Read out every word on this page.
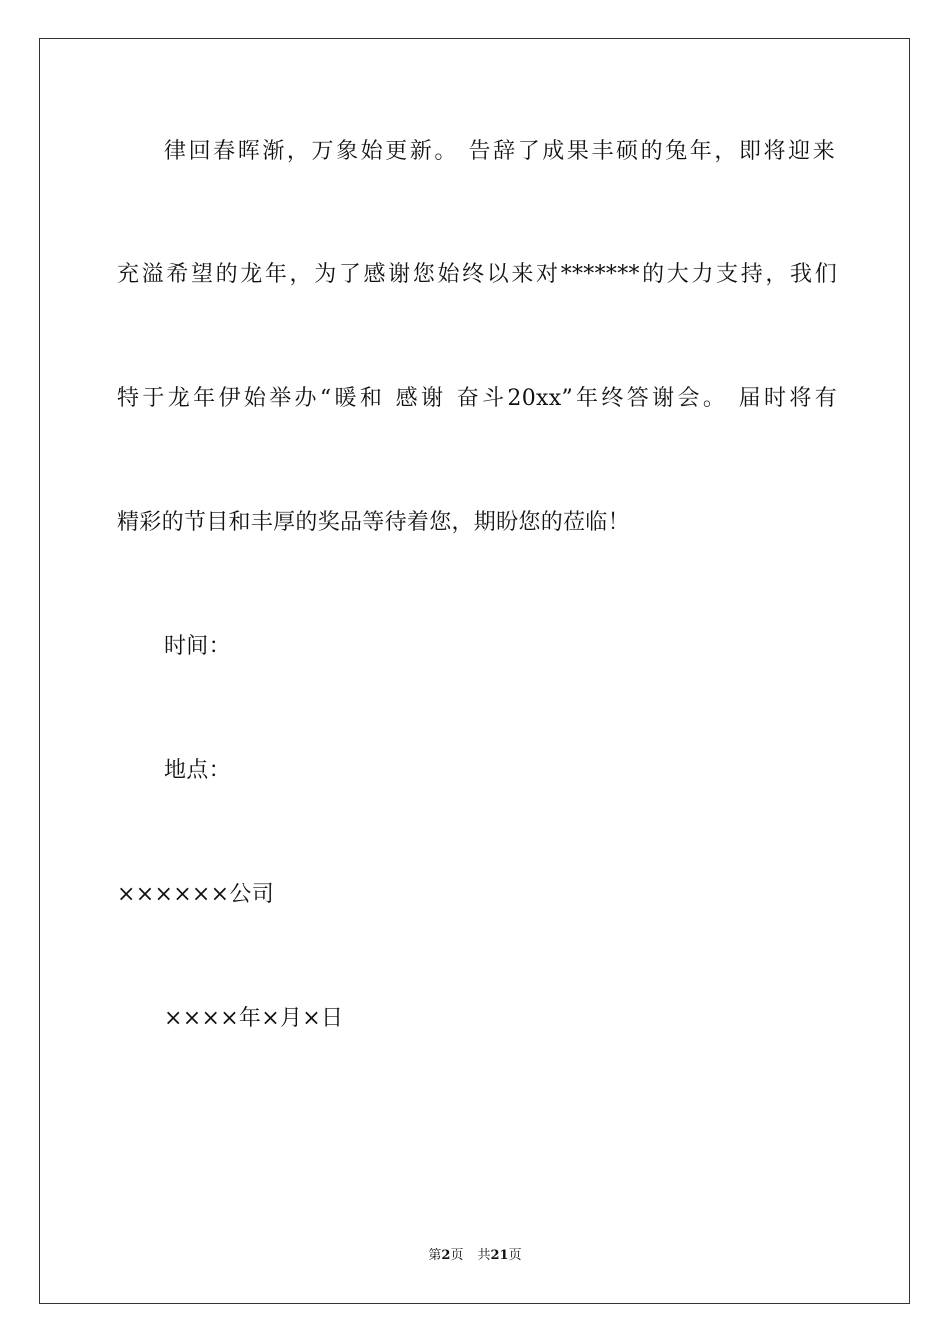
律回春晖渐，万象始更新。 告辞了成果丰硕的兔年，即将迎来
充溢希望的龙年，为了感谢您始终以来对*******的大力支持，我们
特于龙年伊始举办“暖和 感谢 奋斗20xx”年终答谢会。 届时将有
精彩的节目和丰厚的奖品等待着您，期盼您的莅临！
时间：
地点：
××××××公司
××××年×月×日
第2页 共21页
